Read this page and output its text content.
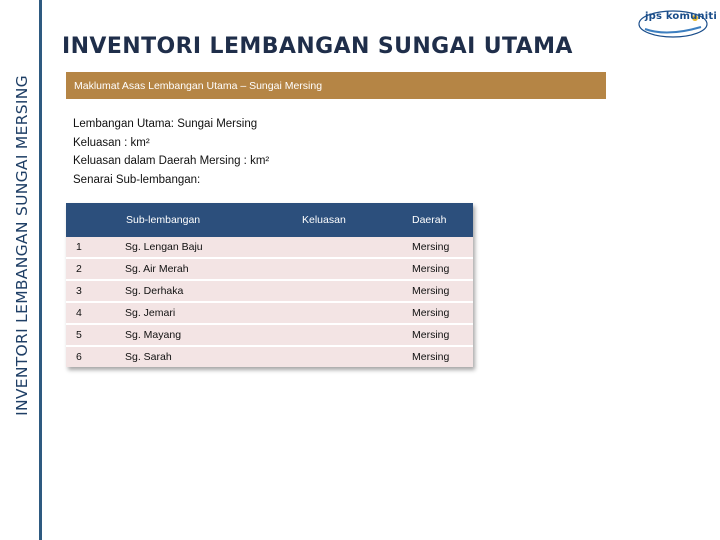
INVENTORI LEMBANGAN SUNGAI MERSING
INVENTORI LEMBANGAN SUNGAI UTAMA
jps komuniti
Maklumat Asas Lembangan Utama – Sungai Mersing
Lembangan Utama: Sungai Mersing
Keluasan : km²
Keluasan dalam Daerah Mersing : km²
Senarai Sub-lembangan:
	Sub-lembangan	Keluasan	Daerah
1	Sg. Lengan Baju		Mersing
2	Sg. Air Merah		Mersing
3	Sg. Derhaka		Mersing
4	Sg. Jemari		Mersing
5	Sg. Mayang		Mersing
6	Sg. Sarah		Mersing
